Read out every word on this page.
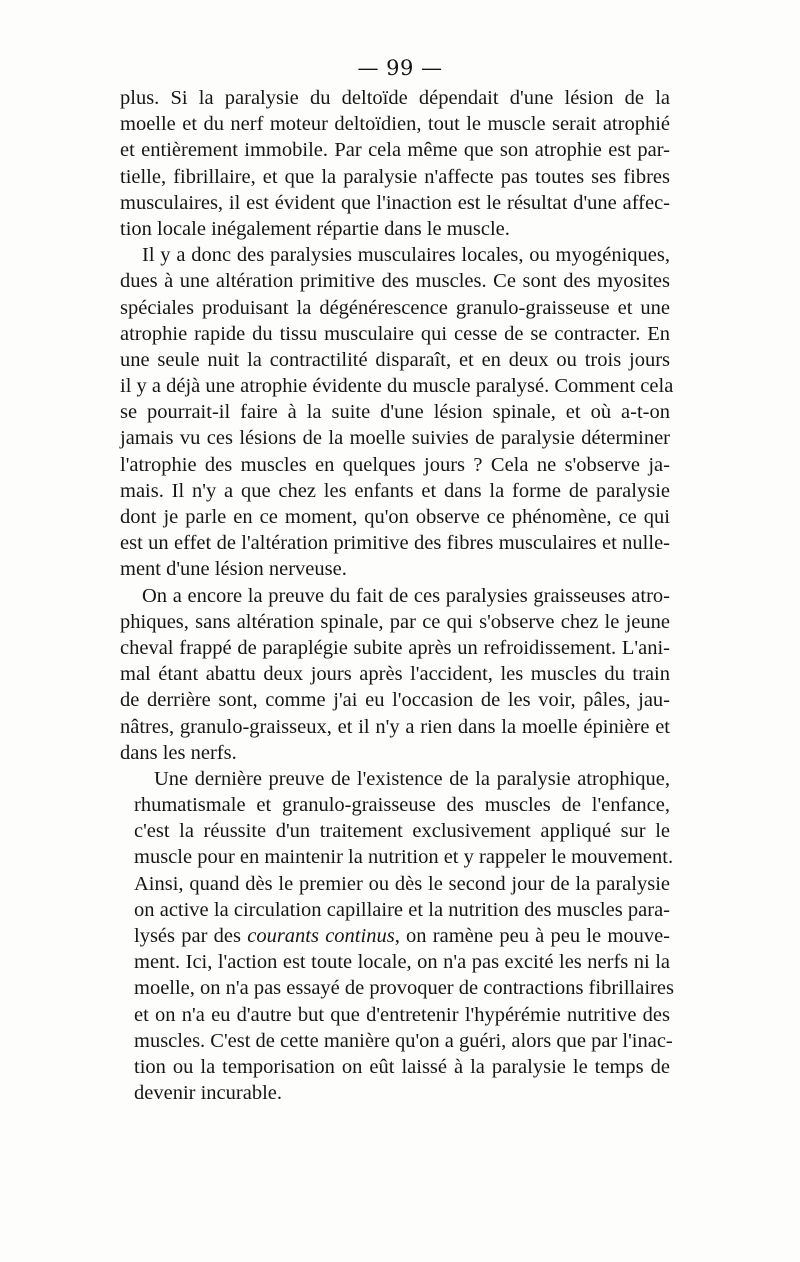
— 99 —
plus. Si la paralysie du deltoïde dépendait d'une lésion de la
moelle et du nerf moteur deltoïdien, tout le muscle serait atrophié
et entièrement immobile. Par cela même que son atrophie est par-
tielle, fibrillaire, et que la paralysie n'affecte pas toutes ses fibres
musculaires, il est évident que l'inaction est le résultat d'une affec-
tion locale inégalement répartie dans le muscle.
Il y a donc des paralysies musculaires locales, ou myogéniques,
dues à une altération primitive des muscles. Ce sont des myosites
spéciales produisant la dégénérescence granulo-graisseuse et une
atrophie rapide du tissu musculaire qui cesse de se contracter. En
une seule nuit la contractilité disparaît, et en deux ou trois jours
il y a déjà une atrophie évidente du muscle paralysé. Comment cela
se pourrait-il faire à la suite d'une lésion spinale, et où a-t-on
jamais vu ces lésions de la moelle suivies de paralysie déterminer
l'atrophie des muscles en quelques jours ? Cela ne s'observe ja-
mais. Il n'y a que chez les enfants et dans la forme de paralysie
dont je parle en ce moment, qu'on observe ce phénomène, ce qui
est un effet de l'altération primitive des fibres musculaires et nulle-
ment d'une lésion nerveuse.
On a encore la preuve du fait de ces paralysies graisseuses atro-
phiques, sans altération spinale, par ce qui s'observe chez le jeune
cheval frappé de paraplégie subite après un refroidissement. L'ani-
mal étant abattu deux jours après l'accident, les muscles du train
de derrière sont, comme j'ai eu l'occasion de les voir, pâles, jau-
nâtres, granulo-graisseux, et il n'y a rien dans la moelle épinière et
dans les nerfs.
Une dernière preuve de l'existence de la paralysie atrophique,
rhumatismale et granulo-graisseuse des muscles de l'enfance,
c'est la réussite d'un traitement exclusivement appliqué sur le
muscle pour en maintenir la nutrition et y rappeler le mouvement.
Ainsi, quand dès le premier ou dès le second jour de la paralysie
on active la circulation capillaire et la nutrition des muscles para-
lysés par des courants continus, on ramène peu à peu le mouve-
ment. Ici, l'action est toute locale, on n'a pas excité les nerfs ni la
moelle, on n'a pas essayé de provoquer de contractions fibrillaires
et on n'a eu d'autre but que d'entretenir l'hypérémie nutritive des
muscles. C'est de cette manière qu'on a guéri, alors que par l'inac-
tion ou la temporisation on eût laissé à la paralysie le temps de
devenir incurable.
